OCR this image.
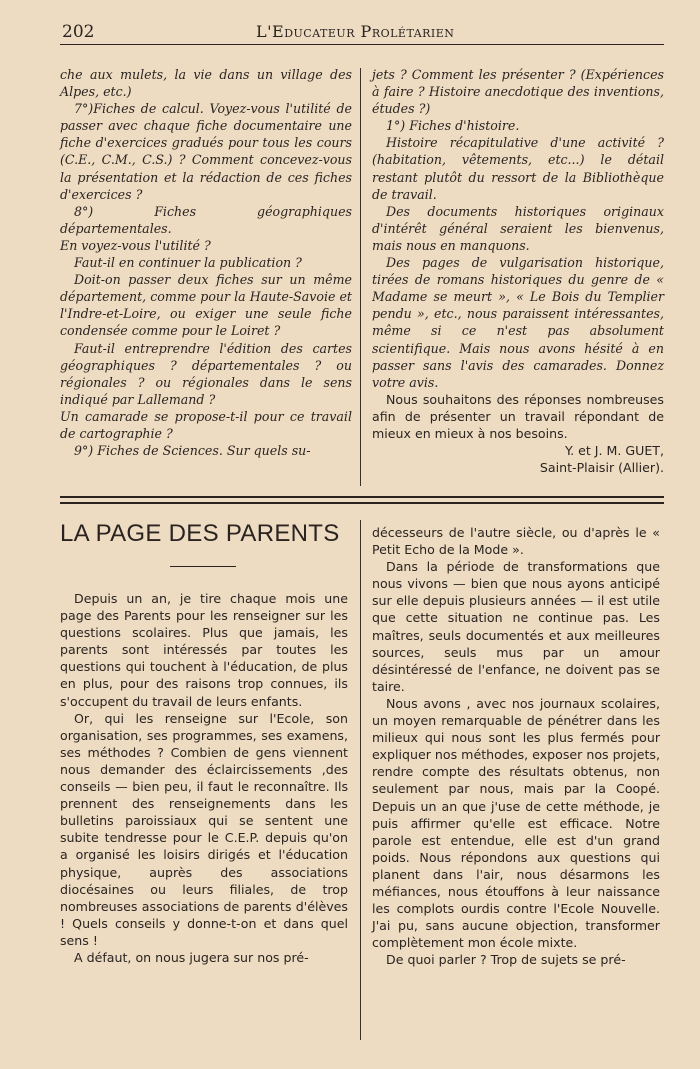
202	L'Educateur Prolétarien

che aux mulets, la vie dans un village des Alpes, etc.)

7°)Fiches de calcul. Voyez-vous l'utilité de passer avec chaque fiche documentaire une fiche d'exercices gradués pour tous les cours (C.E., C.M., C.S.) ? Comment concevez-vous la présentation et la rédaction de ces fiches d'exercices ?

8°) Fiches géographiques départementales.

En voyez-vous l'utilité ?

Faut-il en continuer la publication ?

Doit-on passer deux fiches sur un même département, comme pour la Haute-Savoie et l'Indre-et-Loire, ou exiger une seule fiche condensée comme pour le Loiret ?

Faut-il entreprendre l'édition des cartes géographiques ? départementales ? ou régionales ? ou régionales dans le sens indiqué par Lallemand ?

Un camarade se propose-t-il pour ce travail de cartographie ?

9°) Fiches de Sciences. Sur quels su-

jets ? Comment les présenter ? (Expériences à faire ? Histoire anecdotique des inventions, études ?)

1°) Fiches d'histoire.

Histoire récapitulative d'une activité ? (habitation, vêtements, etc...) le détail restant plutôt du ressort de la Bibliothèque de travail.

Des documents historiques originaux d'intérêt général seraient les bienvenus, mais nous en manquons.

Des pages de vulgarisation historique, tirées de romans historiques du genre de « Madame se meurt », « Le Bois du Templier pendu », etc., nous paraissent intéressantes, même si ce n'est pas absolument scientifique. Mais nous avons hésité à en passer sans l'avis des camarades. Donnez votre avis.

Nous souhaitons des réponses nombreuses afin de présenter un travail répondant de mieux en mieux à nos besoins.

Y. et J. M. GUET,

Saint-Plaisir (Allier).

LA PAGE DES PARENTS

Depuis un an, je tire chaque mois une page des Parents pour les renseigner sur les questions scolaires. Plus que jamais, les parents sont intéressés par toutes les questions qui touchent à l'éducation, de plus en plus, pour des raisons trop connues, ils s'occupent du travail de leurs enfants.

Or, qui les renseigne sur l'Ecole, son organisation, ses programmes, ses examens, ses méthodes ? Combien de gens viennent nous demander des éclaircissements ,des conseils — bien peu, il faut le reconnaître. Ils prennent des renseignements dans les bulletins paroissiaux qui se sentent une subite tendresse pour le C.E.P. depuis qu'on a organisé les loisirs dirigés et l'éducation physique, auprès des associations diocésaines ou leurs filiales, de trop nombreuses associations de parents d'élèves ! Quels conseils y donne-t-on et dans quel sens !

A défaut, on nous jugera sur nos pré-

décesseurs de l'autre siècle, ou d'après le « Petit Echo de la Mode ».

Dans la période de transformations que nous vivons — bien que nous ayons anticipé sur elle depuis plusieurs années — il est utile que cette situation ne continue pas. Les maîtres, seuls documentés et aux meilleures sources, seuls mus par un amour désintéressé de l'enfance, ne doivent pas se taire.

Nous avons , avec nos journaux scolaires, un moyen remarquable de pénétrer dans les milieux qui nous sont les plus fermés pour expliquer nos méthodes, exposer nos projets, rendre compte des résultats obtenus, non seulement par nous, mais par la Coopé. Depuis un an que j'use de cette méthode, je puis affirmer qu'elle est efficace. Notre parole est entendue, elle est d'un grand poids. Nous répondons aux questions qui planent dans l'air, nous désarmons les méfiances, nous étouffons à leur naissance les complots ourdis contre l'Ecole Nouvelle. J'ai pu, sans aucune objection, transformer complètement mon école mixte.

De quoi parler ? Trop de sujets se pré-
